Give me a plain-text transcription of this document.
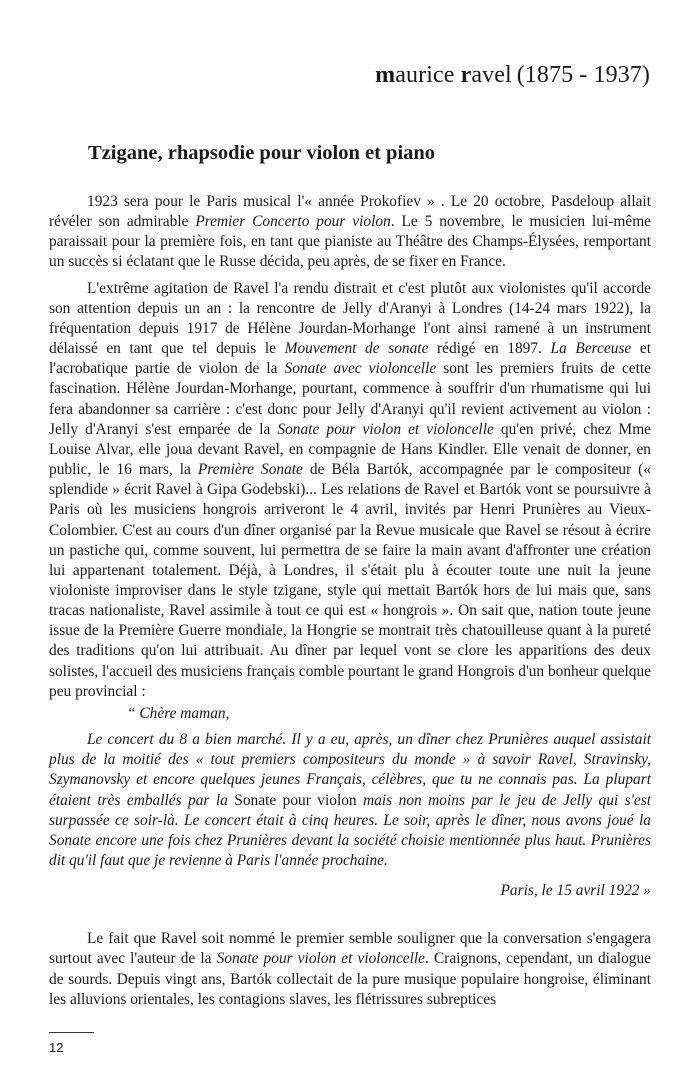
maurice ravel (1875 - 1937)
Tzigane, rhapsodie pour violon et piano

1923 sera pour le Paris musical l'« année Prokofiev » . Le 20 octobre, Pasdeloup allait révéler son admirable Premier Concerto pour violon. Le 5 novembre, le musicien lui-même paraissait pour la première fois, en tant que pianiste au Théâtre des Champs-Élysées, remportant un succès si éclatant que le Russe décida, peu après, de se fixer en France.

L'extrême agitation de Ravel l'a rendu distrait et c'est plutôt aux violonistes qu'il accorde son attention depuis un an : la rencontre de Jelly d'Aranyi à Londres (14-24 mars 1922), la fréquentation depuis 1917 de Hélène Jourdan-Morhange l'ont ainsi ramené à un instrument délaissé en tant que tel depuis le Mouvement de sonate rédigé en 1897. La Berceuse et l'acrobatique partie de violon de la Sonate avec violoncelle sont les premiers fruits de cette fascination. Hélène Jourdan-Morhange, pourtant, commence à souffrir d'un rhumatisme qui lui fera abandonner sa carrière : c'est donc pour Jelly d'Aranyi qu'il revient activement au violon : Jelly d'Aranyi s'est emparée de la Sonate pour violon et violoncelle qu'en privé, chez Mme Louise Alvar, elle joua devant Ravel, en compagnie de Hans Kindler. Elle venait de donner, en public, le 16 mars, la Première Sonate de Béla Bartók, accompagnée par le compositeur (« splendide » écrit Ravel à Gipa Godebski)... Les relations de Ravel et Bartók vont se poursuivre à Paris où les musiciens hongrois arriveront le 4 avril, invités par Henri Prunières au Vieux-Colombier. C'est au cours d'un dîner organisé par la Revue musicale que Ravel se résout à écrire un pastiche qui, comme souvent, lui permettra de se faire la main avant d'affronter une création lui appartenant totalement. Déjà, à Londres, il s'était plu à écouter toute une nuit la jeune violoniste improviser dans le style tzigane, style qui mettait Bartók hors de lui mais que, sans tracas nationaliste, Ravel assimile à tout ce qui est « hongrois ». On sait que, nation toute jeune issue de la Première Guerre mondiale, la Hongrie se montrait très chatouilleuse quant à la pureté des traditions qu'on lui attribuait. Au dîner par lequel vont se clore les apparitions des deux solistes, l'accueil des musiciens français comble pourtant le grand Hongrois d'un bonheur quelque peu provincial :

“ Chère maman,

Le concert du 8 a bien marché. Il y a eu, après, un dîner chez Prunières auquel assistait plus de la moitié des « tout premiers compositeurs du monde » à savoir Ravel, Stravinsky, Szymanovsky et encore quelques jeunes Français, célèbres, que tu ne connais pas. La plupart étaient très emballés par la Sonate pour violon mais non moins par le jeu de Jelly qui s'est surpassée ce soir-là. Le concert était à cinq heures. Le soir, après le dîner, nous avons joué la Sonate encore une fois chez Prunières devant la société choisie mentionnée plus haut. Prunières dit qu'il faut que je revienne à Paris l'année prochaine.

Paris, le 15 avril 1922 »

Le fait que Ravel soit nommé le premier semble souligner que la conversation s'engagera surtout avec l'auteur de la Sonate pour violon et violoncelle. Craignons, cependant, un dialogue de sourds. Depuis vingt ans, Bartók collectait de la pure musique populaire hongroise, éliminant les alluvions orientales, les contagions slaves, les flétrissures subreptices

12
